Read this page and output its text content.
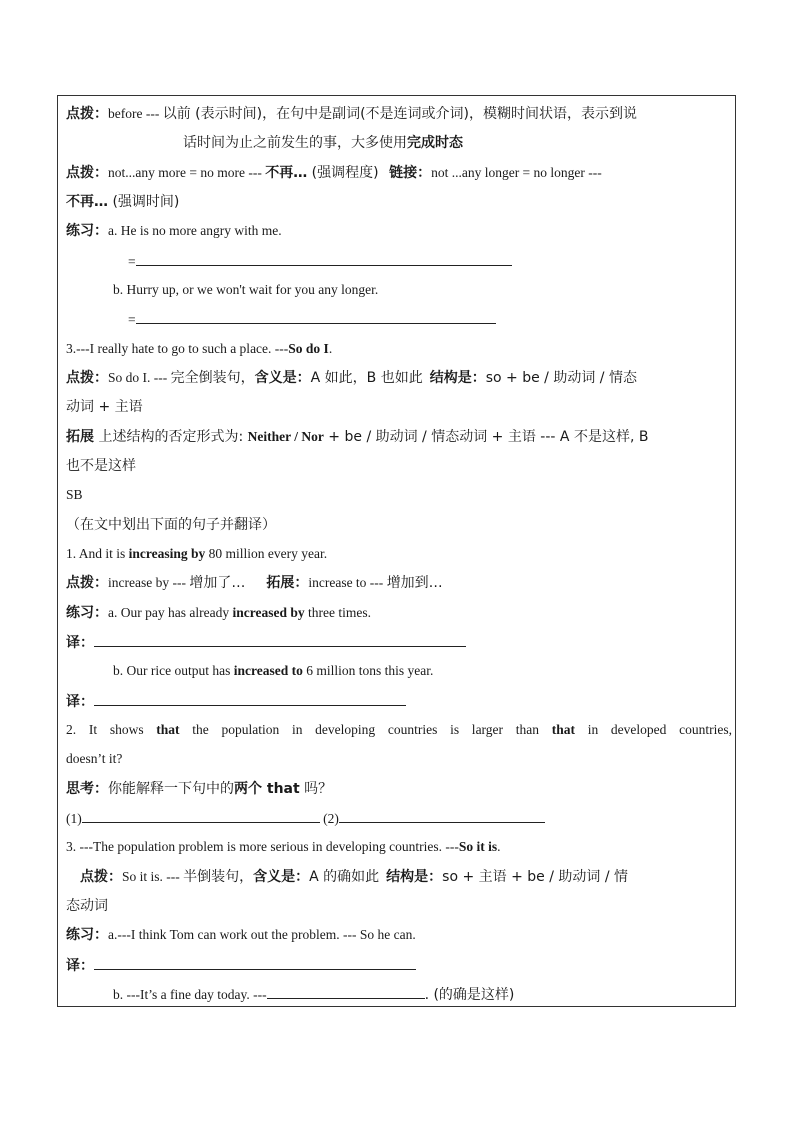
点拨：before --- 以前 (表示时间)，在句中是副词(不是连词或介词)，模糊时间状语，表示到说
话时间为止之前发生的事，大多使用完成时态
点拨：not...any more = no more --- 不再… (强调程度) 链接：not ...any longer = no longer ---
不再… (强调时间)
练习：a. He is no more angry with me.
=
b. Hurry up, or we won't wait for you any longer.
=
3.---I really hate to go to such a place. ---So do I.
点拨：So do I. --- 完全倒装句，含义是：A 如此，B 也如此 结构是：so + be / 助动词 / 情态
动词 + 主语
拓展 上述结构的否定形式为: Neither / Nor + be / 助动词 / 情态动词 + 主语 --- A 不是这样, B
也不是这样
SB
（在文中划出下面的句子并翻译）
1. And it is increasing by 80 million every year.
点拨：increase by --- 增加了… 拓展：increase to --- 增加到…
练习：a. Our pay has already increased by three times.
译：
b. Our rice output has increased to 6 million tons this year.
译：
2. It shows that the population in developing countries is larger than that in developed countries,
doesn’t it?
思考：你能解释一下句中的两个 that 吗？
(1)	(2)
3. ---The population problem is more serious in developing countries. ---So it is.
点拨：So it is. --- 半倒装句，含义是：A 的确如此 结构是：so + 主语 + be / 助动词 / 情
态动词
练习：a.---I think Tom can work out the problem. --- So he can.
译：
b. ---It’s a fine day today. ---	. (的确是这样)
